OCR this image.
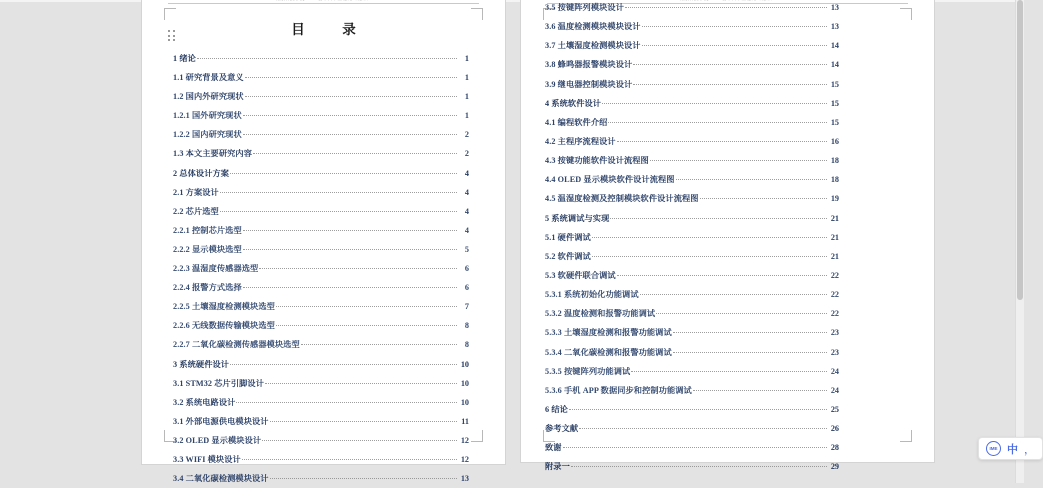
目　录
1 绪论	1
1.1 研究背景及意义	1
1.2 国内外研究现状	1
1.2.1 国外研究现状	1
1.2.2 国内研究现状	2
1.3 本文主要研究内容	2
2 总体设计方案	4
2.1 方案设计	4
2.2 芯片选型	4
2.2.1 控制芯片选型	4
2.2.2 显示模块选型	5
2.2.3 温湿度传感器选型	6
2.2.4 报警方式选择	6
2.2.5 土壤湿度检测模块选型	7
2.2.6 无线数据传输模块选型	8
2.2.7 二氧化碳检测传感器模块选型	8
3 系统硬件设计	10
3.1 STM32 芯片引脚设计	10
3.2 系统电路设计	10
3.1 外部电源供电模块设计	11
3.2 OLED 显示模块设计	12
3.3 WIFI 模块设计	12
3.4 二氧化碳检测模块设计	13
3.5 按键阵列模块设计	13
3.6 温度检测模块模块设计	13
3.7 土壤湿度检测模块设计	14
3.8 蜂鸣器报警模块设计	14
3.9 继电器控制模块设计	15
4 系统软件设计	15
4.1 编程软件介绍	15
4.2 主程序流程设计	16
4.3 按键功能软件设计流程图	18
4.4 OLED 显示模块软件设计流程图	18
4.5 温湿度检测及控制模块软件设计流程图	19
5 系统调试与实现	21
5.1 硬件调试	21
5.2 软件调试	21
5.3 软硬件联合调试	22
5.3.1 系统初始化功能调试	22
5.3.2 温度检测和报警功能调试	22
5.3.3 土壤湿度检测和报警功能调试	23
5.3.4 二氧化碳检测和报警功能调试	23
5.3.5 按键阵列功能调试	24
5.3.6 手机 APP 数据同步和控制功能调试	24
6 结论	25
参考文献	26
致谢	28
附录一	29
IME 中 ，
